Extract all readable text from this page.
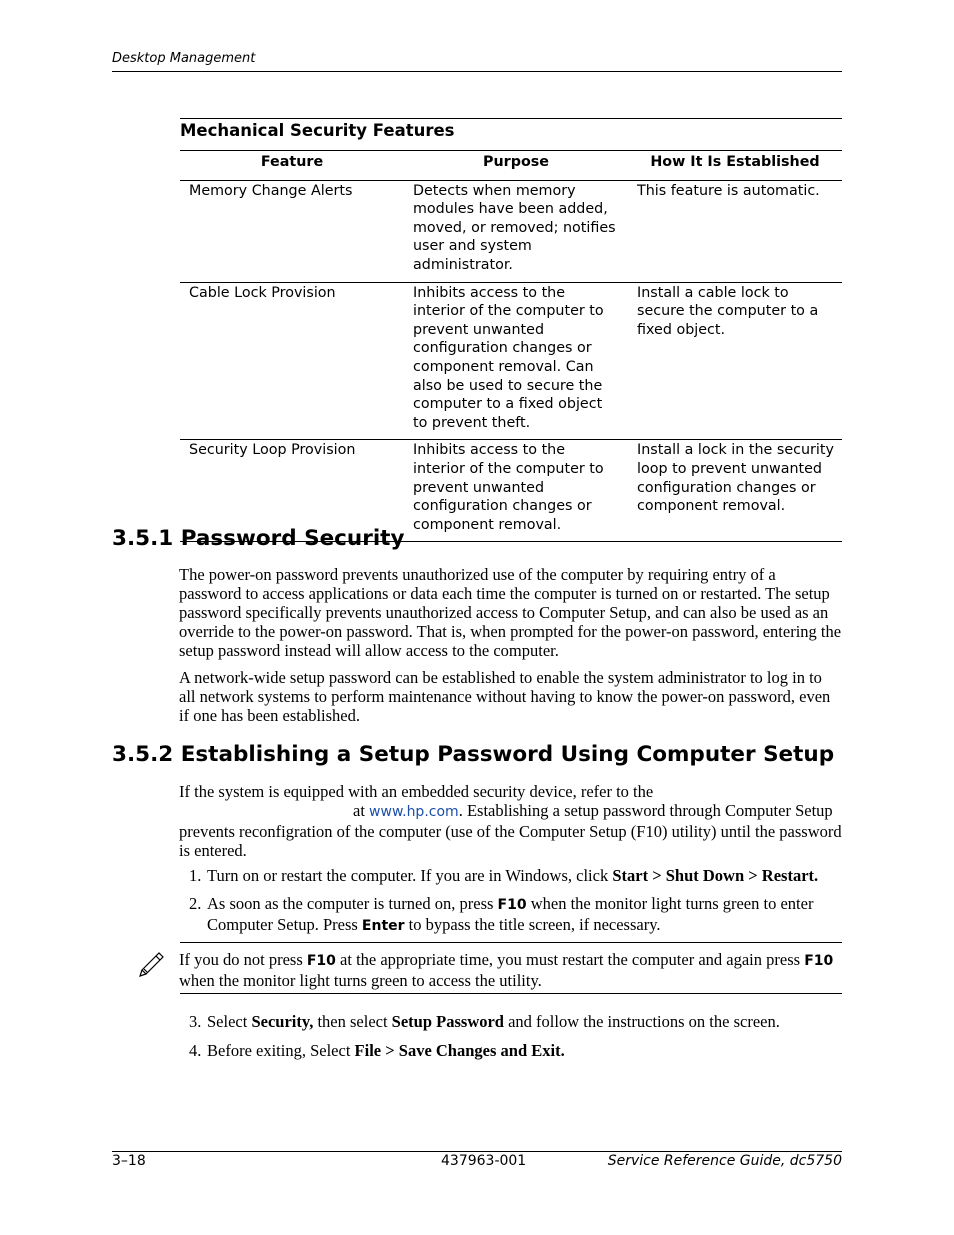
Desktop Management
Mechanical Security Features
Feature	Purpose	How It Is Established
Memory Change Alerts	Detects when memory modules have been added, moved, or removed; notifies user and system administrator.	This feature is automatic.
Cable Lock Provision	Inhibits access to the interior of the computer to prevent unwanted configuration changes or component removal. Can also be used to secure the computer to a fixed object to prevent theft.	Install a cable lock to secure the computer to a fixed object.
Security Loop Provision	Inhibits access to the interior of the computer to prevent unwanted configuration changes or component removal.	Install a lock in the security loop to prevent unwanted configuration changes or component removal.
3.5.1 Password Security

The power-on password prevents unauthorized use of the computer by requiring entry of a password to access applications or data each time the computer is turned on or restarted. The setup password specifically prevents unauthorized access to Computer Setup, and can also be used as an override to the power-on password. That is, when prompted for the power-on password, entering the setup password instead will allow access to the computer.

A network-wide setup password can be established to enable the system administrator to log in to all network systems to perform maintenance without having to know the power-on password, even if one has been established.

3.5.2 Establishing a Setup Password Using Computer Setup
If the system is equipped with an embedded security device, refer to the
at www.hp.com. Establishing a setup password through Computer Setup prevents reconfigration of the computer (use of the Computer Setup (F10) utility) until the password is entered.
1. Turn on or restart the computer. If you are in Windows, click Start > Shut Down > Restart.
2. As soon as the computer is turned on, press F10 when the monitor light turns green to enter Computer Setup. Press Enter to bypass the title screen, if necessary.
If you do not press F10 at the appropriate time, you must restart the computer and again press F10 when the monitor light turns green to access the utility.
3. Select Security, then select Setup Password and follow the instructions on the screen.
4. Before exiting, Select File > Save Changes and Exit.
3–18	437963-001	Service Reference Guide, dc5750
